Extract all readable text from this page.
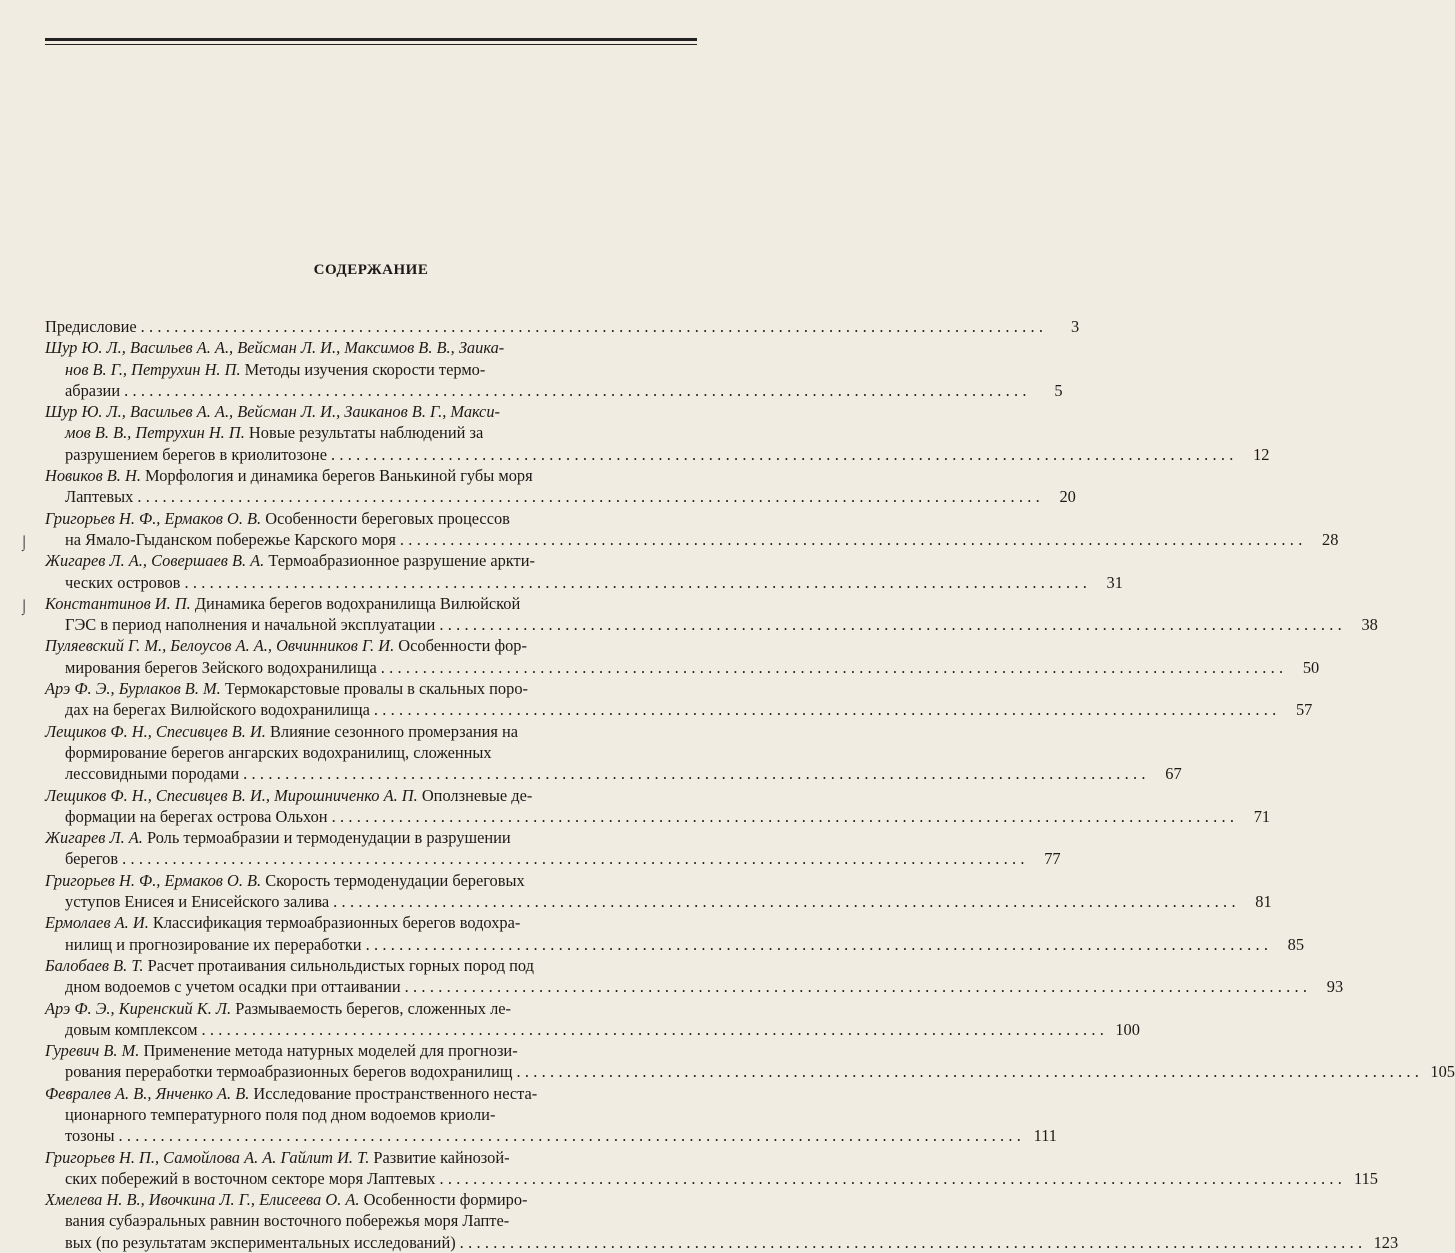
СОДЕРЖАНИЕ
Предисловие . . .	3
Шур Ю. Л., Васильев А. А., Вейсман Л. И., Максимов В. В., Заика-
нов В. Г., Петрухин Н. П. Методы изучения скорости термо-
абразии . . .	5
Шур Ю. Л., Васильев А. А., Вейсман Л. И., Заиканов В. Г., Макси-
мов В. В., Петрухин Н. П. Новые результаты наблюдений за
разрушением берегов в криолитозоне . . .	12
Новиков В. Н. Морфология и динамика берегов Ванькиной губы моря
Лаптевых . . .	20
Григорьев Н. Ф., Ермаков О. В. Особенности береговых процессов
на Ямало-Гыданском побережье Карского моря . . .	28
Жигарев Л. А., Совершаев В. А. Термоабразионное разрушение аркти-
ческих островов . . .	31
Константинов И. П. Динамика берегов водохранилища Вилюйской
ГЭС в период наполнения и начальной эксплуатации . . .	38
Пуляевский Г. М., Белоусов А. А., Овчинников Г. И. Особенности фор-
мирования берегов Зейского водохранилища . . .	50
Арэ Ф. Э., Бурлаков В. М. Термокарстовые провалы в скальных поро-
дах на берегах Вилюйского водохранилища . . .	57
Лещиков Ф. Н., Спесивцев В. И. Влияние сезонного промерзания на
формирование берегов ангарских водохранилищ, сложенных
лессовидными породами . . .	67
Лещиков Ф. Н., Спесивцев В. И., Мирошниченко А. П. Оползневые де-
формации на берегах острова Ольхон . . .	71
Жигарев Л. А. Роль термоабразии и термоденудации в разрушении
берегов . . .	77
Григорьев Н. Ф., Ермаков О. В. Скорость термоденудации береговых
уступов Енисея и Енисейского залива . . .	81
Ермолаев А. И. Классификация термоабразионных берегов водохра-
нилищ и прогнозирование их переработки . . .	85
Балобаев В. Т. Расчет протаивания сильнольдистых горных пород под
дном водоемов с учетом осадки при оттаивании . . .	93
Арэ Ф. Э., Киренский К. Л. Размываемость берегов, сложенных ле-
довым комплексом . . .	100
Гуревич В. М. Применение метода натурных моделей для прогнози-
рования переработки термоабразионных берегов водохранилищ . . .	105
Февралев А. В., Янченко А. В. Исследование пространственного неста-
ционарного температурного поля под дном водоемов криоли-
тозоны . . .	111
Григорьев Н. П., Самойлова А. А. Гайлит И. Т. Развитие кайнозой-
ских побережий в восточном секторе моря Лаптевых . . .	115
Хмелева Н. В., Ивочкина Л. Г., Елисеева О. А. Особенности формиро-
вания субаэральных равнин восточного побережья моря Лапте-
вых (по результатам экспериментальных исследований) . . .	123
⌡
⌡
